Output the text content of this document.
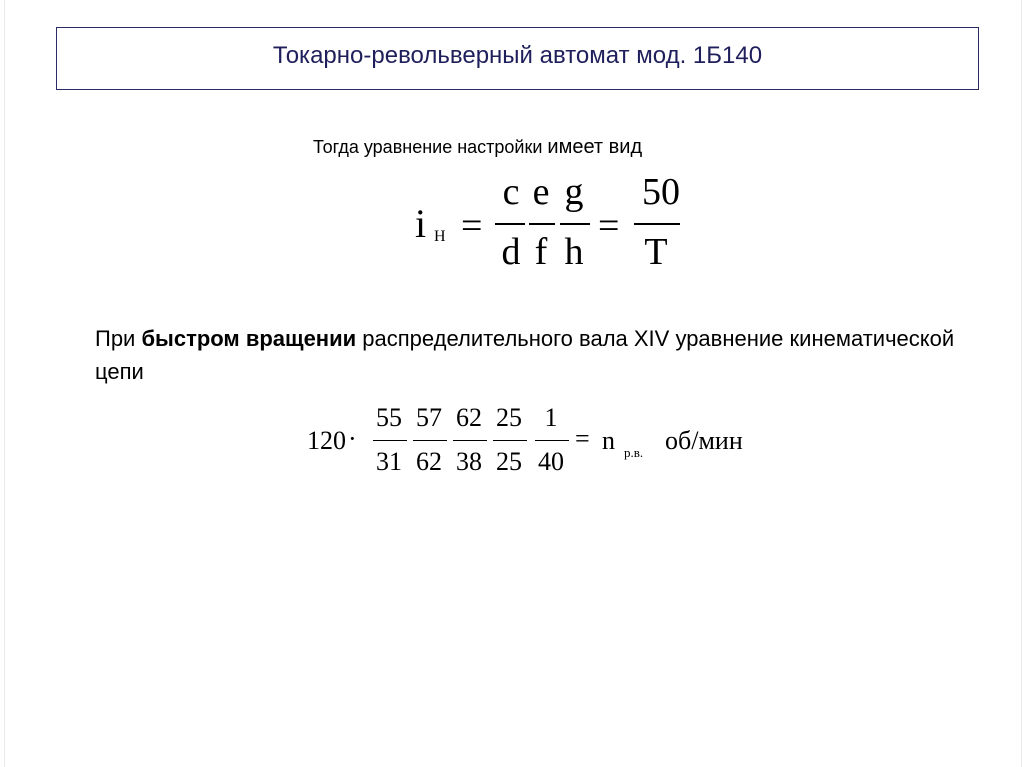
Токарно-револьверный автомат мод. 1Б140
Тогда уравнение настройки имеет вид
i Н =
c
d
e
f
g
h
=
50
T
При быстром вращении распределительного вала XIV уравнение кинематической цепи
120 ·
55
31
57
62
62
38
25
25
1
40
= n р.в. об/мин
